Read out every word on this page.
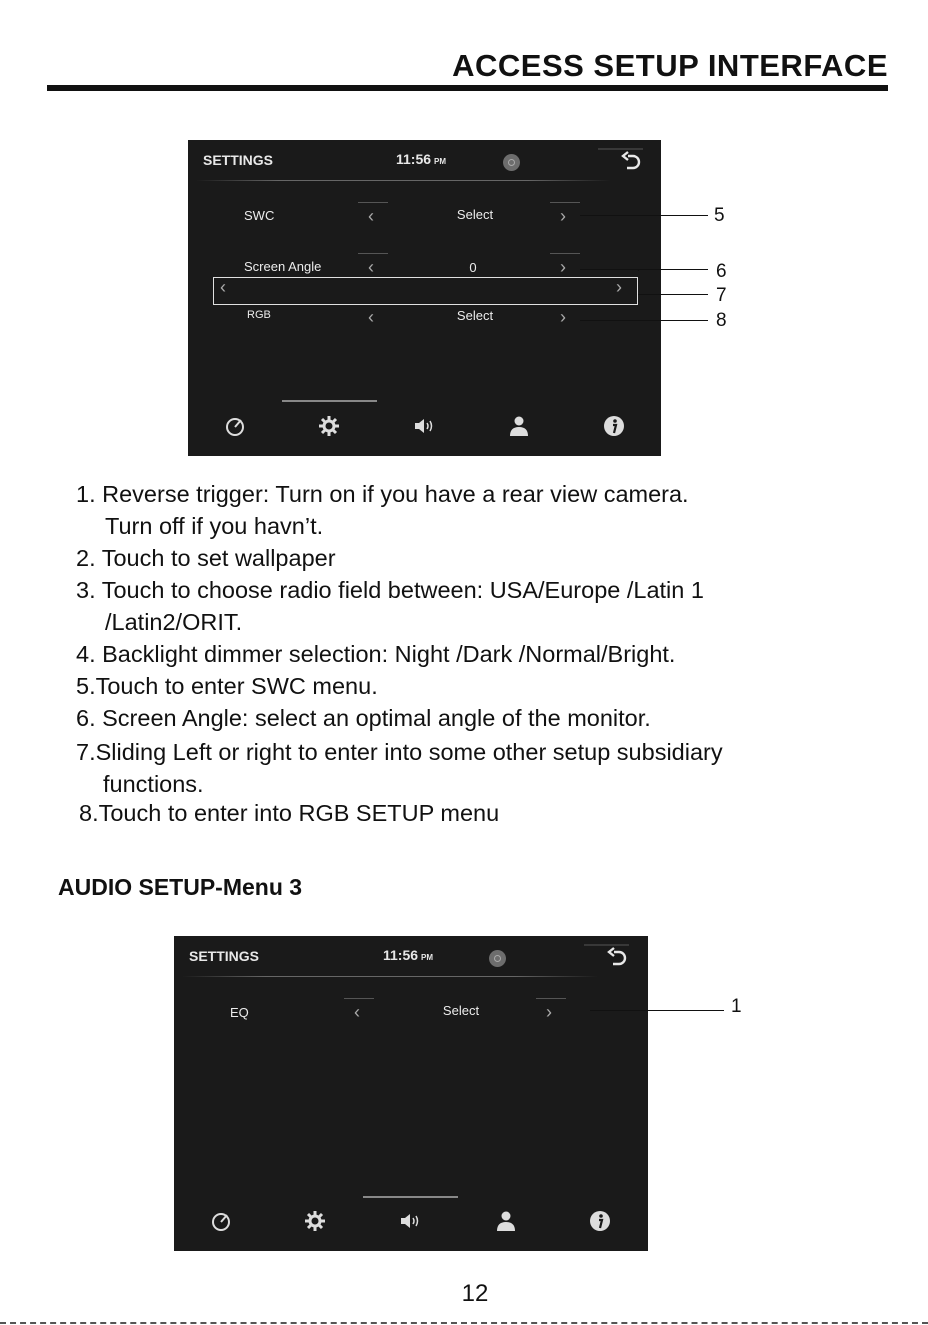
ACCESS SETUP INTERFACE
SETTINGS	11:56 PM
SWC	‹	Select	›
Screen Angle	‹	0	›
‹	›
RGB	‹	Select	›
5
6
7
8
1. Reverse trigger: Turn on if you have a rear view camera.
Turn off if you havn’t.
2. Touch to set wallpaper
3. Touch to choose radio field between: USA/Europe /Latin 1
/Latin2/ORIT.
4. Backlight dimmer selection: Night /Dark /Normal/Bright.
5.Touch to enter SWC menu.
6. Screen Angle: select an optimal angle of the monitor.
7.Sliding Left or right to enter into some other setup subsidiary
functions.
8.Touch to enter into RGB SETUP menu
AUDIO SETUP-Menu 3
SETTINGS	11:56 PM
EQ	‹	Select	›	1
12
